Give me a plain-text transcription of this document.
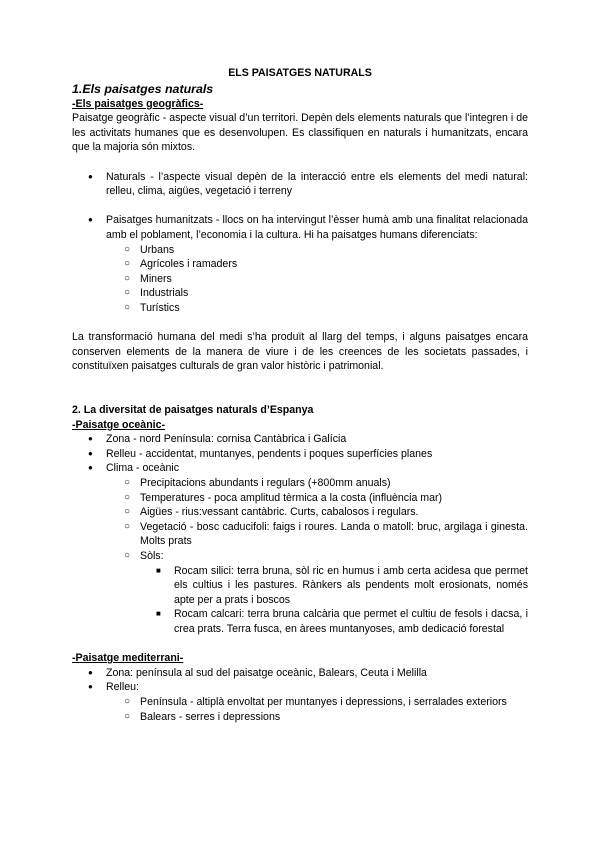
ELS PAISATGES NATURALS
1.Els paisatges naturals
-Els paisatges geogràfics-

Paisatge geogràfic - aspecte visual d’un territori. Depèn dels elements naturals que l’integren i de les activitats humanes que es desenvolupen. Es classifiquen en naturals i humanitzats, encara que la majoria són mixtos.

● Naturals - l’aspecte visual depèn de la interacció entre els elements del medi natural: relleu, clima, aigües, vegetació i terreny
● Paisatges humanitzats - llocs on ha intervingut l’èsser humà amb una finalitat relacionada amb el poblament, l’economia i la cultura. Hi ha paisatges humans diferenciats:
○ Urbans
○ Agrícoles i ramaders
○ Miners
○ Industrials
○ Turístics

La transformació humana del medi s’ha produït al llarg del temps, i alguns paisatges encara conserven elements de la manera de viure i de les creences de les societats passades, i constituïxen paisatges culturals de gran valor històric i patrimonial.

2. La diversitat de paisatges naturals d’Espanya
-Paisatge oceànic-
● Zona - nord Península: cornisa Cantàbrica i Galícia
● Relleu - accidentat, muntanyes, pendents i poques superfícies planes
● Clima - oceànic
○ Precipitacions abundants i regulars (+800mm anuals)
○ Temperatures - poca amplitud tèrmica a la costa (influència mar)
○ Aigües - rius:vessant cantàbric. Curts, cabalosos i regulars.
○ Vegetació - bosc caducifoli: faigs i roures. Landa o matoll: bruc, argilaga i ginesta. Molts prats
○ Sòls:
■ Rocam silici: terra bruna, sòl ric en humus i amb certa acidesa que permet els cultius i les pastures. Rànkers als pendents molt erosionats, només apte per a prats i boscos
■ Rocam calcari: terra bruna calcària que permet el cultiu de fesols i dacsa, i crea prats. Terra fusca, en àrees muntanyoses, amb dedicació forestal
-Paisatge mediterrani-
● Zona: península al sud del paisatge oceànic, Balears, Ceuta i Melilla
● Relleu:
○ Península - altiplà envoltat per muntanyes i depressions, i serralades exteriors
○ Balears - serres i depressions
